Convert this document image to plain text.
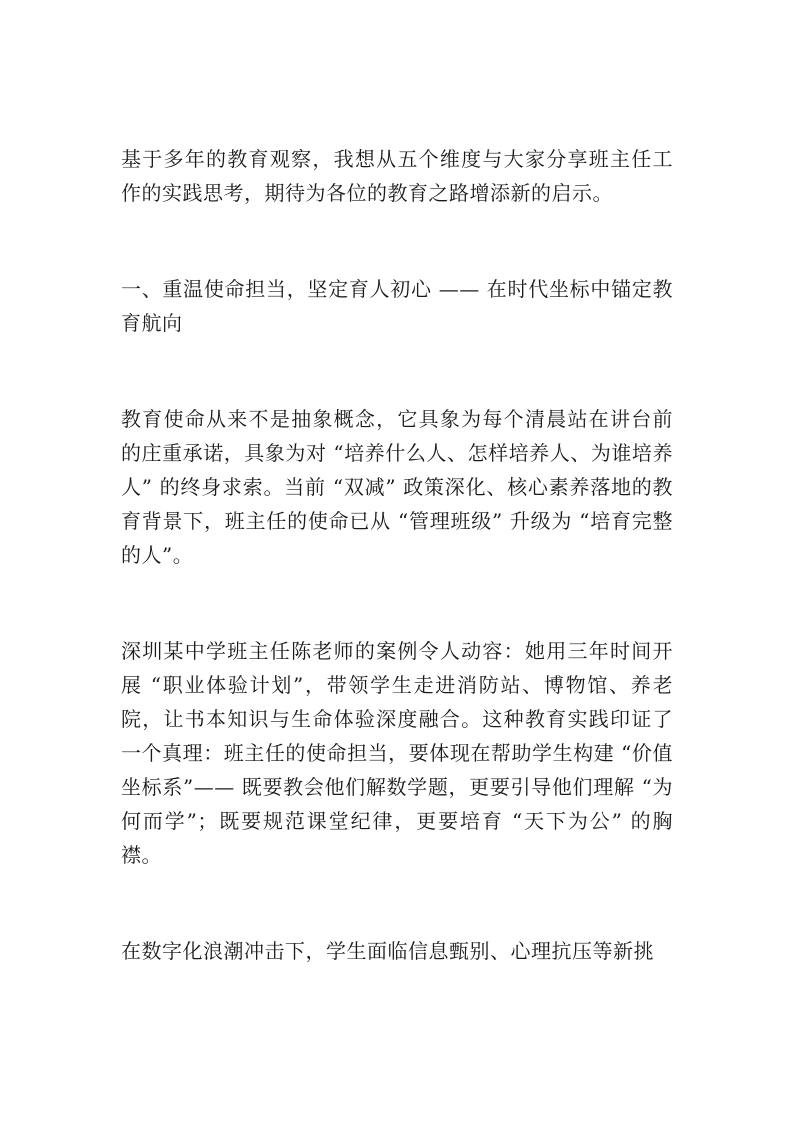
基于多年的教育观察，我想从五个维度与大家分享班主任工作的实践思考，期待为各位的教育之路增添新的启示。

一、重温使命担当，坚定育人初心 —— 在时代坐标中锚定教育航向

教育使命从来不是抽象概念，它具象为每个清晨站在讲台前的庄重承诺，具象为对 “培养什么人、怎样培养人、为谁培养人” 的终身求索。当前 “双减” 政策深化、核心素养落地的教育背景下，班主任的使命已从 “管理班级” 升级为 “培育完整的人”。

深圳某中学班主任陈老师的案例令人动容：她用三年时间开展 “职业体验计划”，带领学生走进消防站、博物馆、养老院，让书本知识与生命体验深度融合。这种教育实践印证了一个真理：班主任的使命担当，要体现在帮助学生构建 “价值坐标系”—— 既要教会他们解数学题，更要引导他们理解 “为何而学”；既要规范课堂纪律，更要培育 “天下为公” 的胸襟。

在数字化浪潮冲击下，学生面临信息甄别、心理抗压等新挑
